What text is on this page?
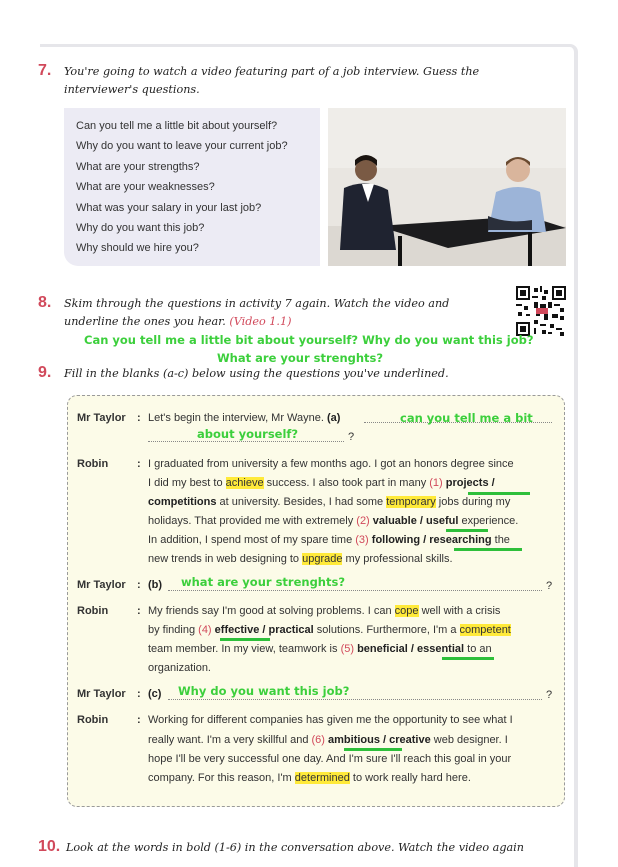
7. You're going to watch a video featuring part of a job interview. Guess the
interviewer's questions.
Can you tell me a little bit about yourself?
Why do you want to leave your current job?
What are your strengths?
What are your weaknesses?
What was your salary in your last job?
Why do you want this job?
Why should we hire you?
8. Skim through the questions in activity 7 again. Watch the video and
underline the ones you hear. (Video 1.1)
Can you tell me a little bit about yourself? Why do you want this job?
What are your strenghts?
9. Fill in the blanks (a-c) below using the questions you've underlined.
Mr Taylor : Let's begin the interview, Mr Wayne. (a)	can you tell me a bit
about yourself?	?
Robin	: I graduated from university a few months ago. I got an honors degree since
I did my best to achieve success. I also took part in many (1) projects /
competitions at university. Besides, I had some temporary jobs during my
holidays. That provided me with extremely (2) valuable / useful experience.
In addition, I spend most of my spare time (3) following / researching the
new trends in web designing to upgrade my professional skills.
Mr Taylor : (b) what are your strenghts?	?
Robin	: My friends say I'm good at solving problems. I can cope well with a crisis
by finding (4) effective / practical solutions. Furthermore, I'm a competent
team member. In my view, teamwork is (5) beneficial / essential to an
organization.
Mr Taylor : (c) Why do you want this job?	?
Robin	: Working for different companies has given me the opportunity to see what I
really want. I'm a very skillful and (6) ambitious / creative web designer. I
hope I'll be very successful one day. And I'm sure I'll reach this goal in your
company. For this reason, I'm determined to work really hard here.
10. Look at the words in bold (1-6) in the conversation above. Watch the video again
